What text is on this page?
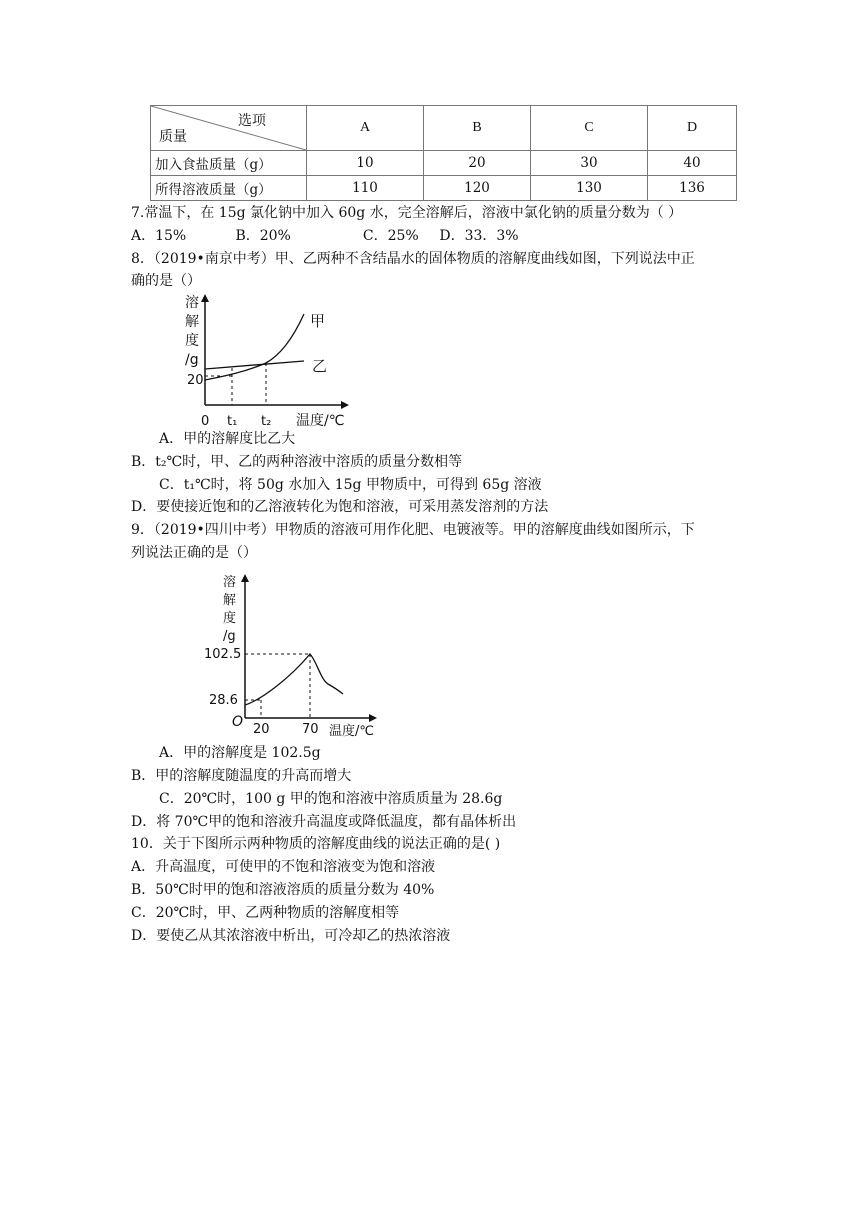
选项
质量	A	B	C	D
加入食盐质量（g）	10	20	30	40
所得溶液质量（g）	110	120	130	136
7.常温下，在 15g 氯化钠中加入 60g 水，完全溶解后，溶液中氯化钠的质量分数为（ ）
A．15%	B．20%	C．25% D．33．3%
8．（2019•南京中考）甲、乙两种不含结晶水的固体物质的溶解度曲线如图，下列说法中正
确的是（）
溶
解
度
/g
甲
乙
20
0 t₁ t₂ 温度/℃
A．甲的溶解度比乙大
B．t₂℃时，甲、乙的两种溶液中溶质的质量分数相等
C．t₁℃时，将 50g 水加入 15g 甲物质中，可得到 65g 溶液
D．要使接近饱和的乙溶液转化为饱和溶液，可采用蒸发溶剂的方法
9．（2019•四川中考）甲物质的溶液可用作化肥、电镀液等。甲的溶解度曲线如图所示，下
列说法正确的是（）
溶
解
度
/g
102.5
28.6
O 20 70 温度/℃
A．甲的溶解度是 102.5g
B．甲的溶解度随温度的升高而增大
C．20℃时，100 g 甲的饱和溶液中溶质质量为 28.6g
D．将 70℃甲的饱和溶液升高温度或降低温度，都有晶体析出
10．关于下图所示两种物质的溶解度曲线的说法正确的是( )
A．升高温度，可使甲的不饱和溶液变为饱和溶液
B．50℃时甲的饱和溶液溶质的质量分数为 40%
C．20℃时，甲、乙两种物质的溶解度相等
D．要使乙从其浓溶液中析出，可冷却乙的热浓溶液
